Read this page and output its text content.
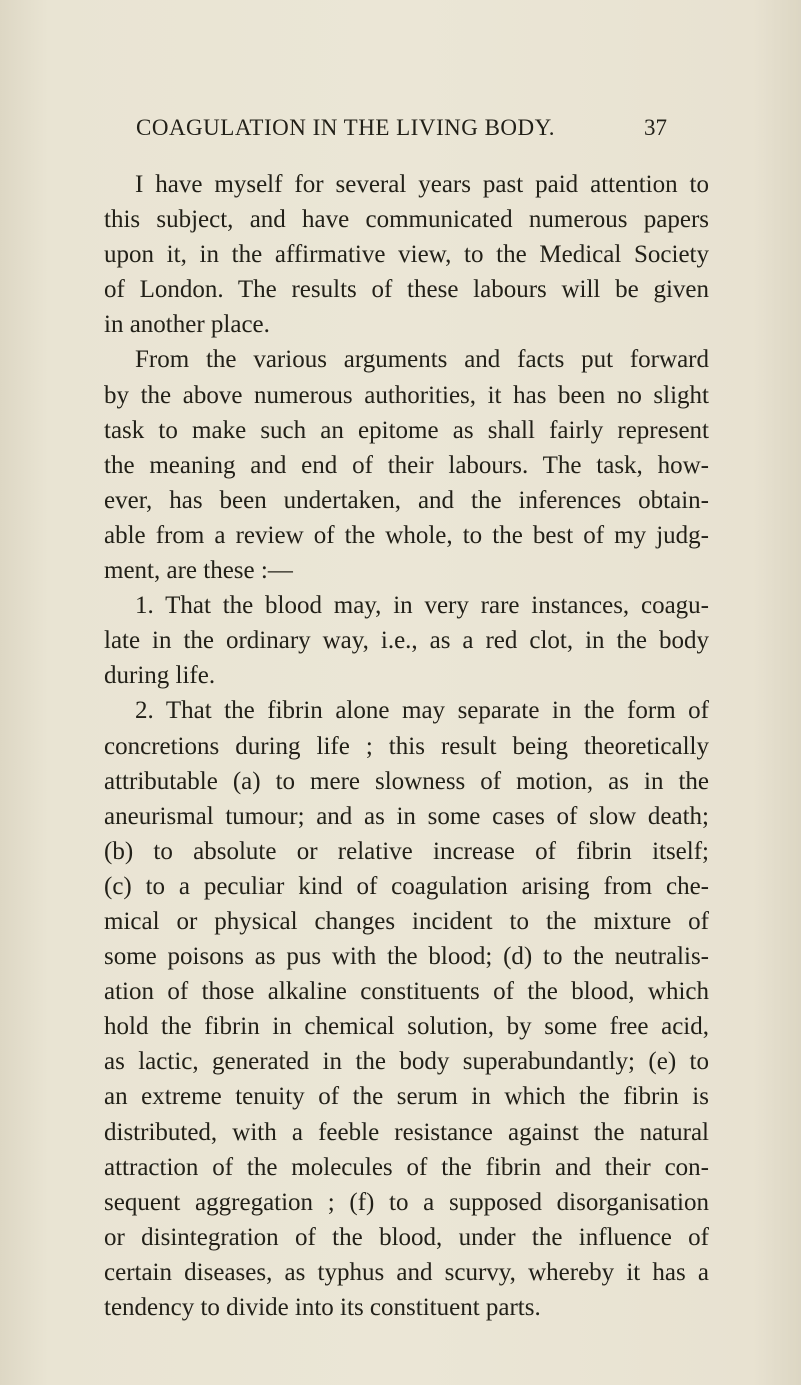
COAGULATION IN THE LIVING BODY.	37
I have myself for several years past paid attention to
this subject, and have communicated numerous papers
upon it, in the affirmative view, to the Medical Society
of London. The results of these labours will be given
in another place.
From the various arguments and facts put forward
by the above numerous authorities, it has been no slight
task to make such an epitome as shall fairly represent
the meaning and end of their labours. The task, how-
ever, has been undertaken, and the inferences obtain-
able from a review of the whole, to the best of my judg-
ment, are these :—
1. That the blood may, in very rare instances, coagu-
late in the ordinary way, i.e., as a red clot, in the body
during life.
2. That the fibrin alone may separate in the form of
concretions during life ; this result being theoretically
attributable (a) to mere slowness of motion, as in the
aneurismal tumour; and as in some cases of slow death;
(b) to absolute or relative increase of fibrin itself;
(c) to a peculiar kind of coagulation arising from che-
mical or physical changes incident to the mixture of
some poisons as pus with the blood; (d) to the neutralis-
ation of those alkaline constituents of the blood, which
hold the fibrin in chemical solution, by some free acid,
as lactic, generated in the body superabundantly; (e) to
an extreme tenuity of the serum in which the fibrin is
distributed, with a feeble resistance against the natural
attraction of the molecules of the fibrin and their con-
sequent aggregation ; (f) to a supposed disorganisation
or disintegration of the blood, under the influence of
certain diseases, as typhus and scurvy, whereby it has a
tendency to divide into its constituent parts.
